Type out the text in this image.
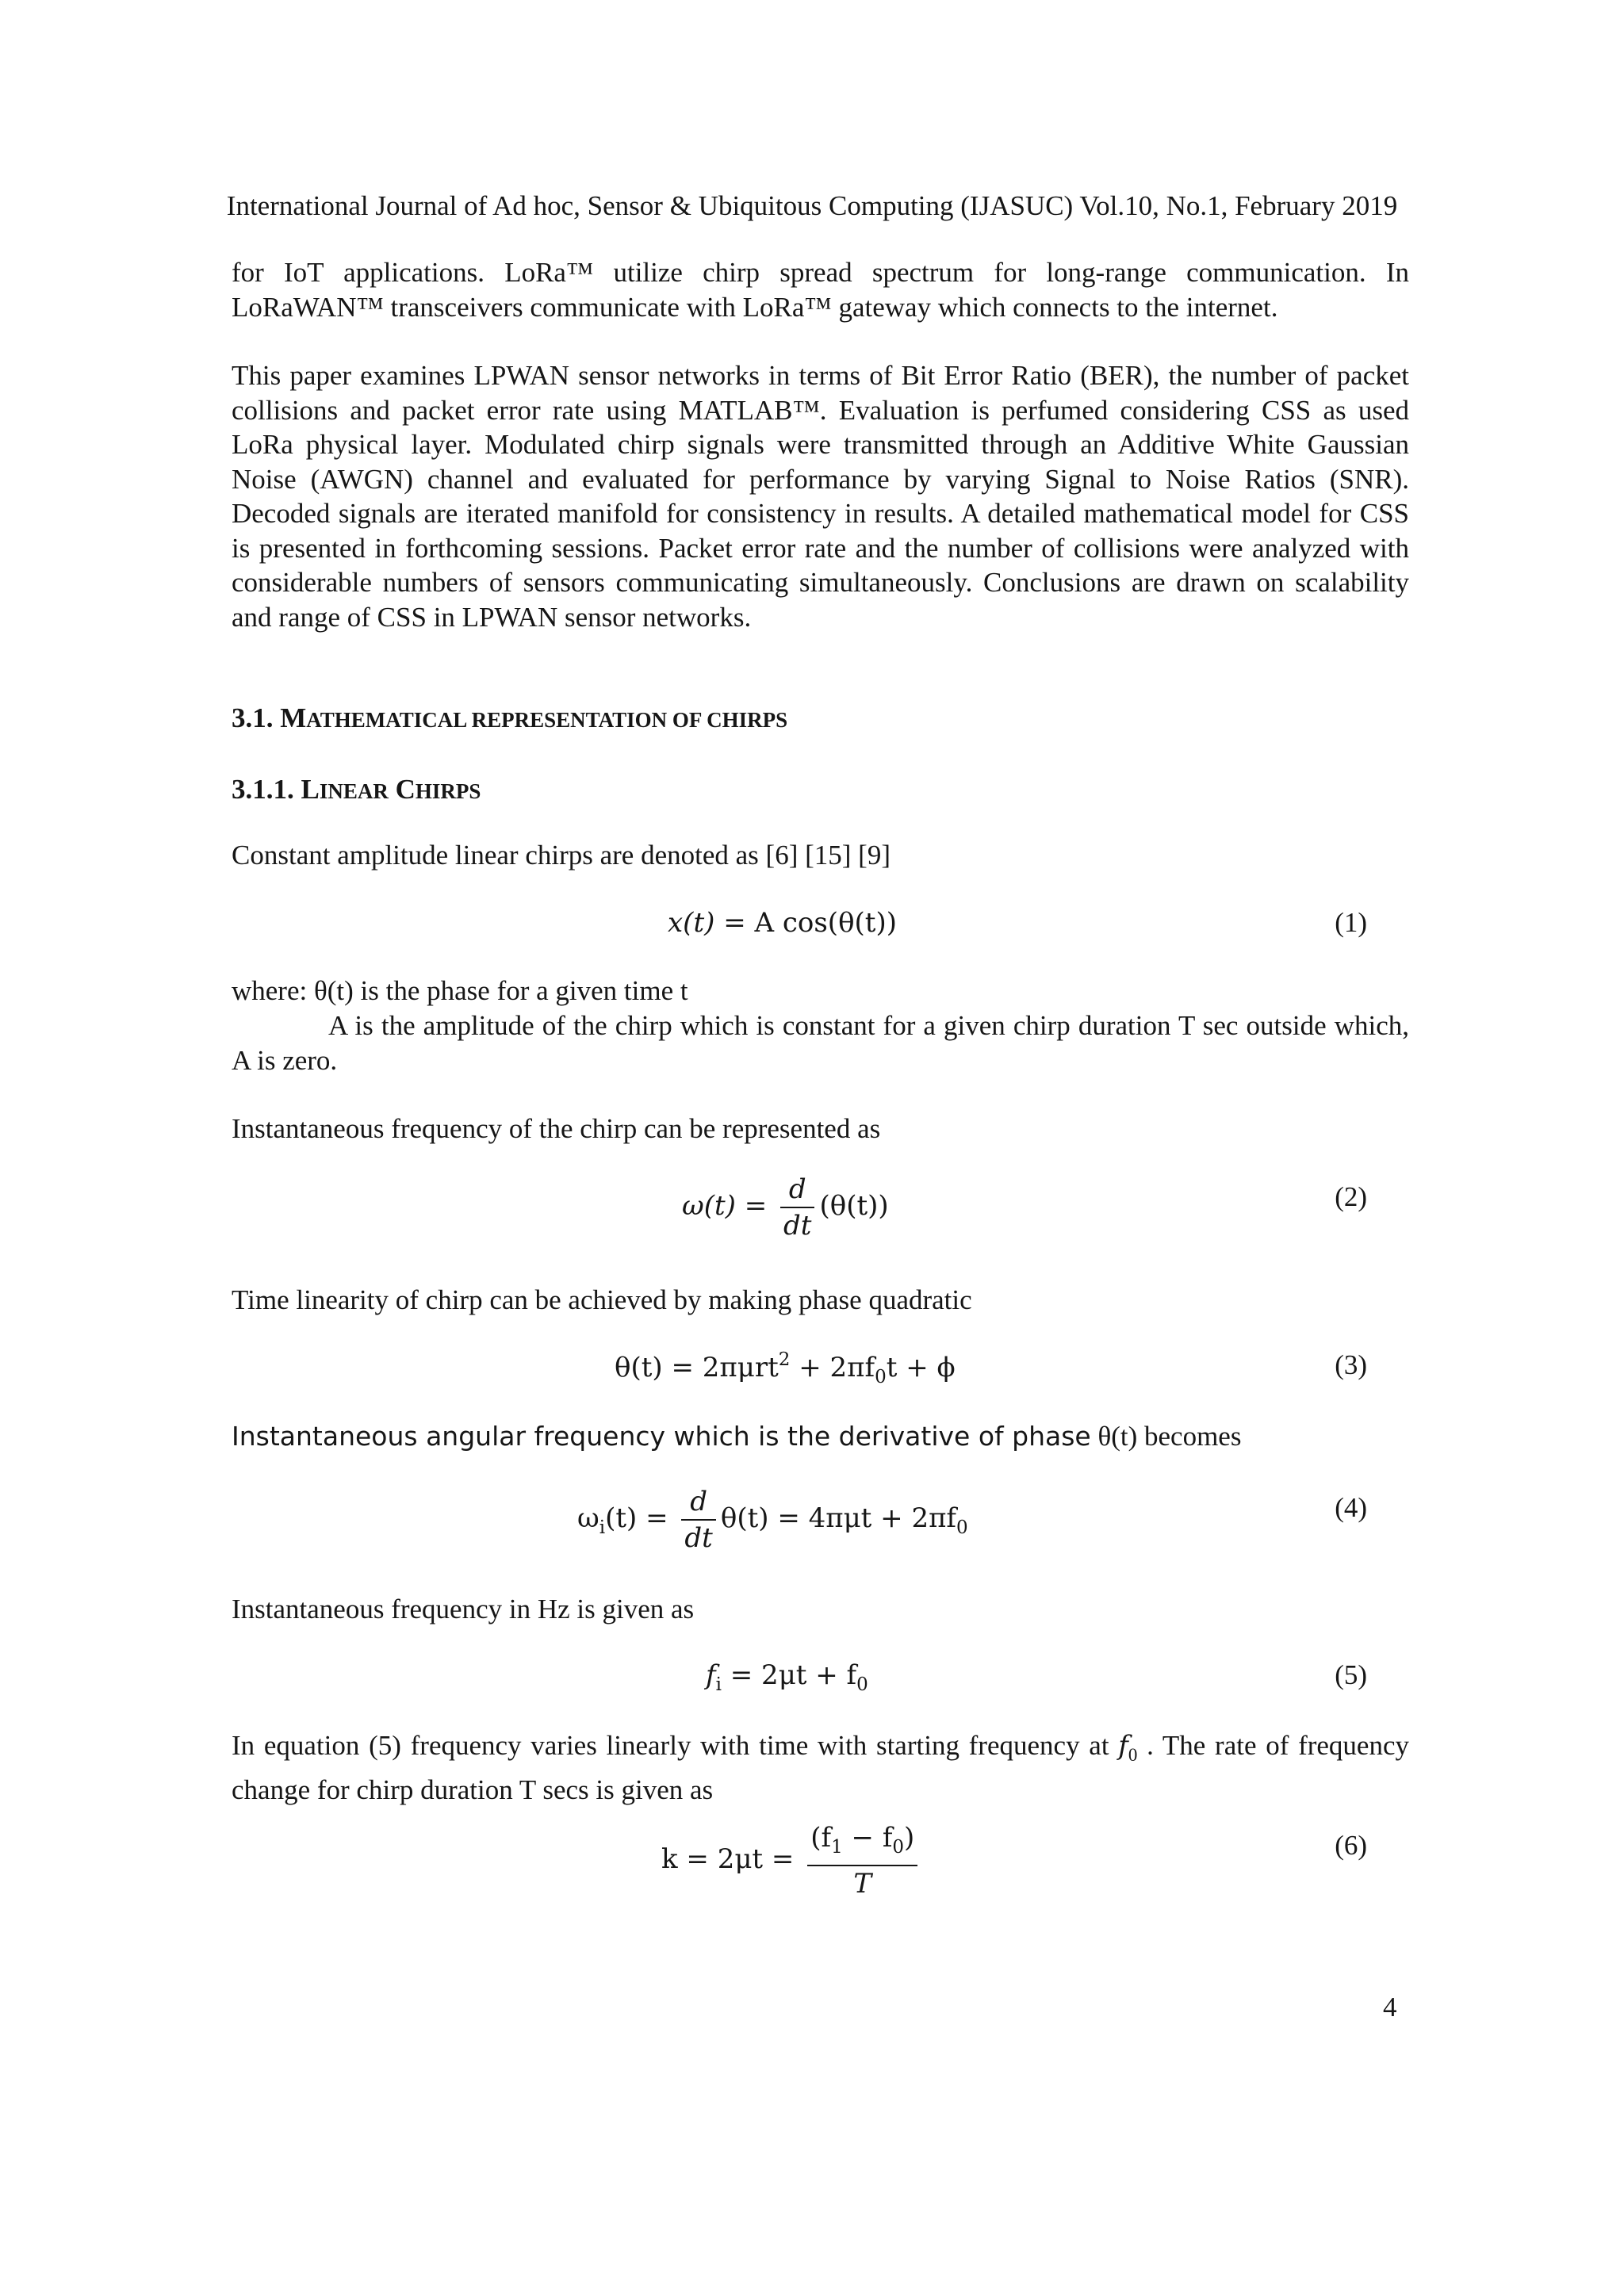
International Journal of Ad hoc, Sensor & Ubiquitous Computing (IJASUC) Vol.10, No.1, February 2019
for IoT applications. LoRa™ utilize chirp spread spectrum for long-range communication. In LoRaWAN™ transceivers communicate with LoRa™ gateway which connects to the internet.
This paper examines LPWAN sensor networks in terms of Bit Error Ratio (BER), the number of packet collisions and packet error rate using MATLAB™. Evaluation is perfumed considering CSS as used LoRa physical layer. Modulated chirp signals were transmitted through an Additive White Gaussian Noise (AWGN) channel and evaluated for performance by varying Signal to Noise Ratios (SNR). Decoded signals are iterated manifold for consistency in results. A detailed mathematical model for CSS is presented in forthcoming sessions. Packet error rate and the number of collisions were analyzed with considerable numbers of sensors communicating simultaneously. Conclusions are drawn on scalability and range of CSS in LPWAN sensor networks.
3.1. MATHEMATICAL REPRESENTATION OF CHIRPS
3.1.1. LINEAR CHIRPS
Constant amplitude linear chirps are denoted as [6] [15] [9]
x(t) = A cos(θ(t))	(1)
where: θ(t) is the phase for a given time t
A is the amplitude of the chirp which is constant for a given chirp duration T sec outside which, A is zero.
Instantaneous frequency of the chirp can be represented as
$\omega(t) = \frac{d}{dt} (\theta(t))$	(2)
Time linearity of chirp can be achieved by making phase quadratic
$\theta(t) = 2\pi\mu rt^2 + 2\pi f_0t + \phi$	(3)
Instantaneous angular frequency which is the derivative of phase θ(t) becomes
$\omega_i(t) = \frac{d}{dt} \theta(t) = 4\pi\mu t + 2\pi f_0$
(4)
Instantaneous frequency in Hz is given as
$f_i = 2\mu t + f_0$	(5)
In equation (5) frequency varies linearly with time with starting frequency at $f_0$ . The rate of frequency change for chirp duration T secs is given as
$k = 2\mu t = \frac{(f_1 - f_0)}{T}$	(6)
4
